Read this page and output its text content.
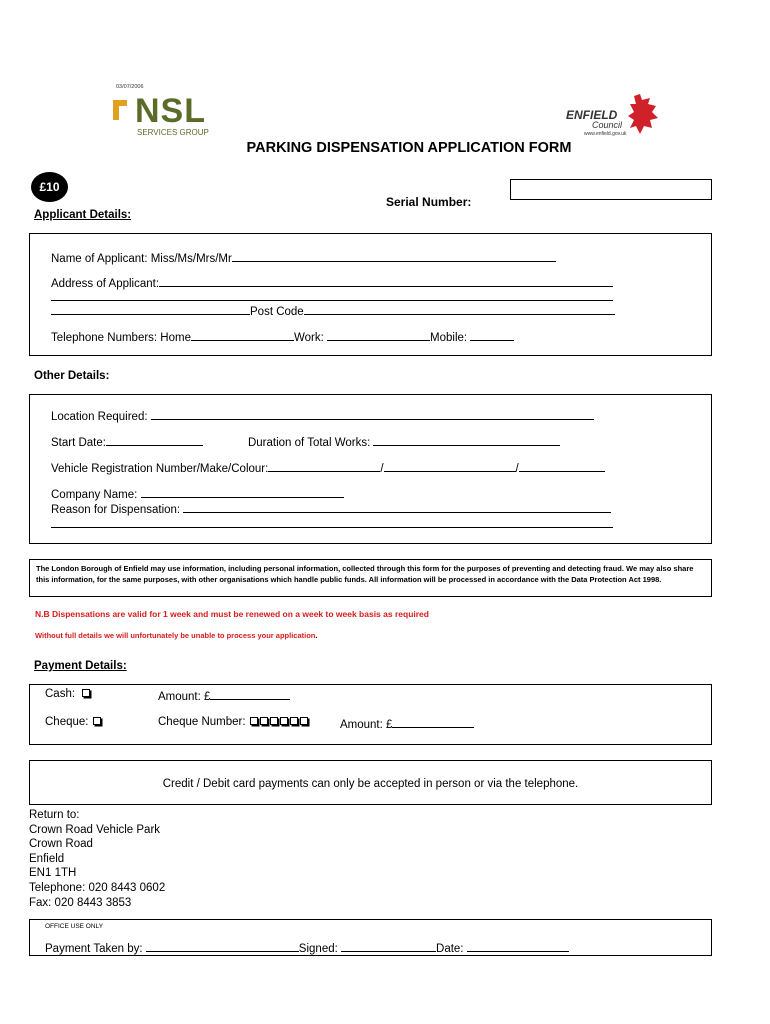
03/07/2006
NSL
SERVICES GROUP
ENFIELD
Council
www.enfield.gov.uk
PARKING DISPENSATION APPLICATION FORM
£10
Serial Number:
Applicant Details:
Name of Applicant: Miss/Ms/Mrs/Mr
Address of Applicant:
Post Code
Telephone Numbers: Home	Work:	Mobile:
Other Details:
Location Required:
Start Date:	Duration of Total Works:
Vehicle Registration Number/Make/Colour:	/	/
Company Name:
Reason for Dispensation:
The London Borough of Enfield may use information, including personal information, collected through this form for the purposes of preventing and detecting fraud. We may also share this information, for the same purposes, with other organisations which handle public funds. All information will be processed in accordance with the Data Protection Act 1998.
N.B Dispensations are valid for 1 week and must be renewed on a week to week basis as required
Without full details we will unfortunately be unable to process your application.
Payment Details:
Cash:	Amount: £
Cheque:	Cheque Number:	Amount: £
Credit / Debit card payments can only be accepted in person or via the telephone.
Return to:
Crown Road Vehicle Park
Crown Road
Enfield
EN1 1TH
Telephone: 020 8443 0602
Fax: 020 8443 3853
OFFICE USE ONLY
Payment Taken by:	Signed:	Date:
